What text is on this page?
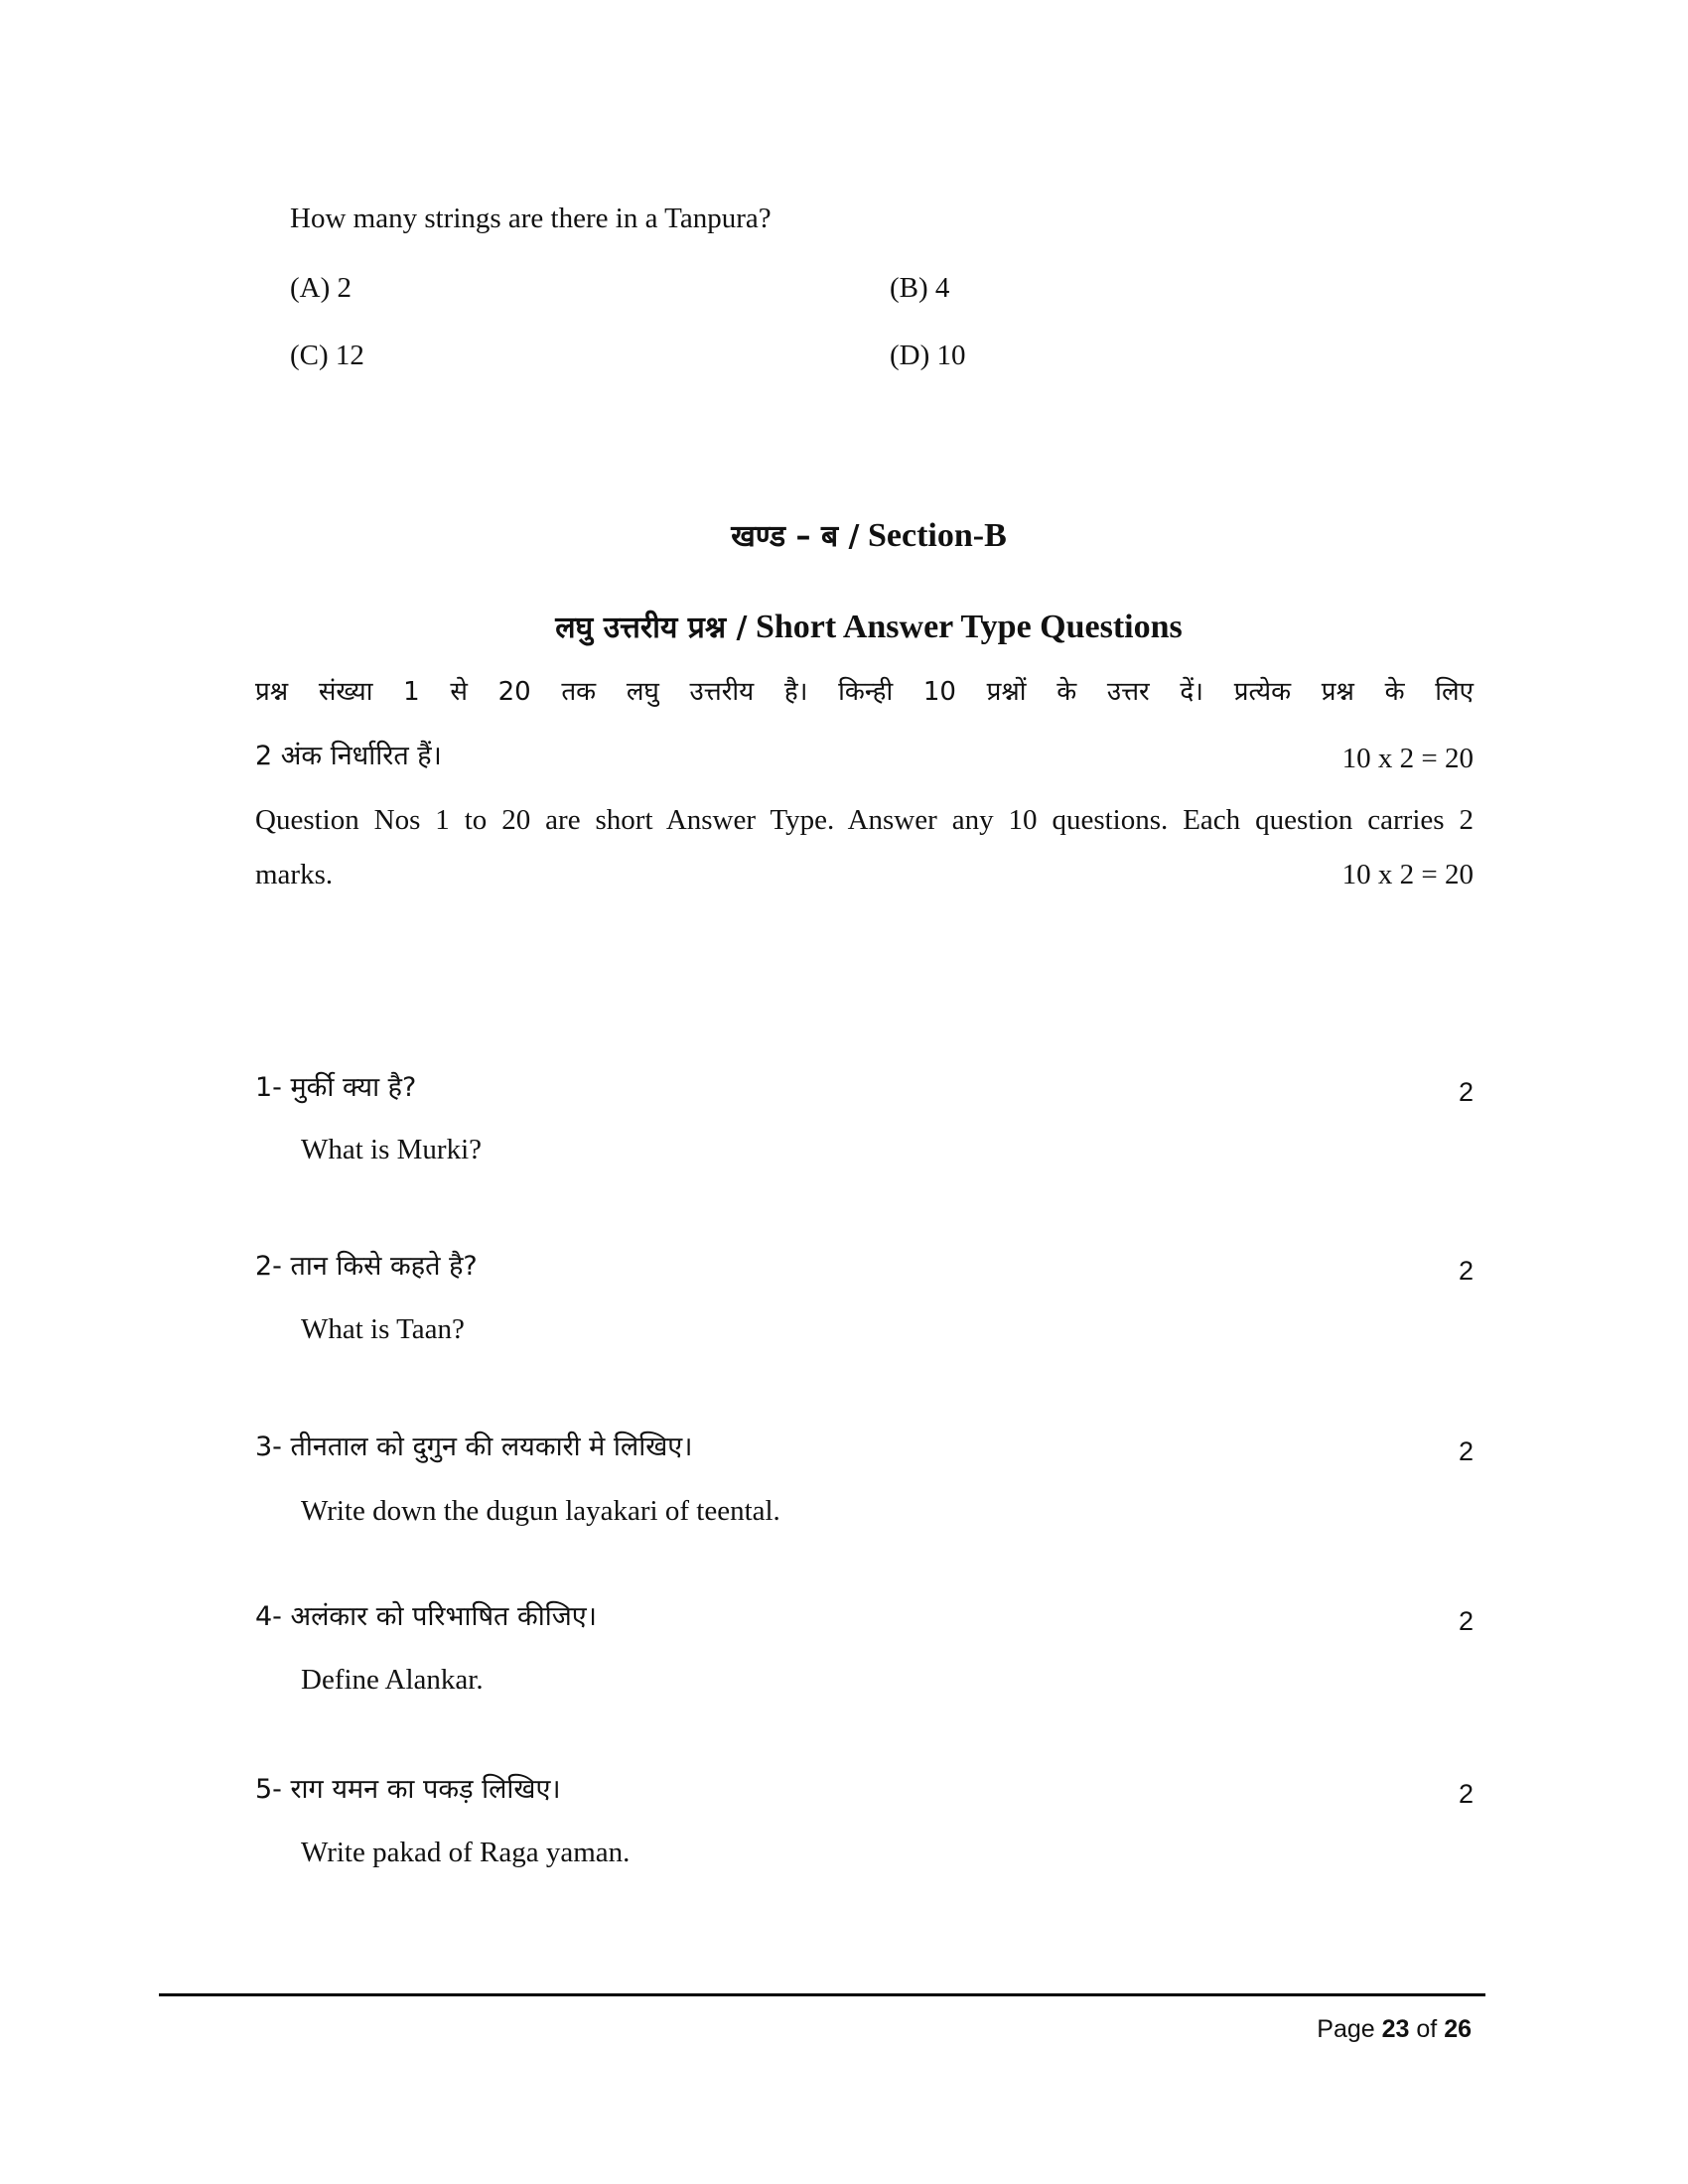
How many strings are there in a Tanpura?
(A) 2	(B) 4
(C) 12	(D) 10
खण्ड – ब / Section-B
लघु उत्तरीय प्रश्न / Short Answer Type Questions
प्रश्न संख्या 1 से 20 तक लघु उत्तरीय है। किन्ही 10 प्रश्नों के उत्तर दें। प्रत्येक प्रश्न के लिए
2 अंक निर्धारित हैं।	10 x 2 = 20
Question Nos 1 to 20 are short Answer Type. Answer any 10 questions. Each question carries 2
marks.	10 x 2 = 20
1- मुर्की क्या है?	2
What is Murki?
2- तान किसे कहते है?	2
What is Taan?
3- तीनताल को दुगुन की लयकारी मे लिखिए।	2
Write down the dugun layakari of teental.
4- अलंकार को परिभाषित कीजिए।	2
Define Alankar.
5- राग यमन का पकड़ लिखिए।	2
Write pakad of Raga yaman.
Page 23 of 26
